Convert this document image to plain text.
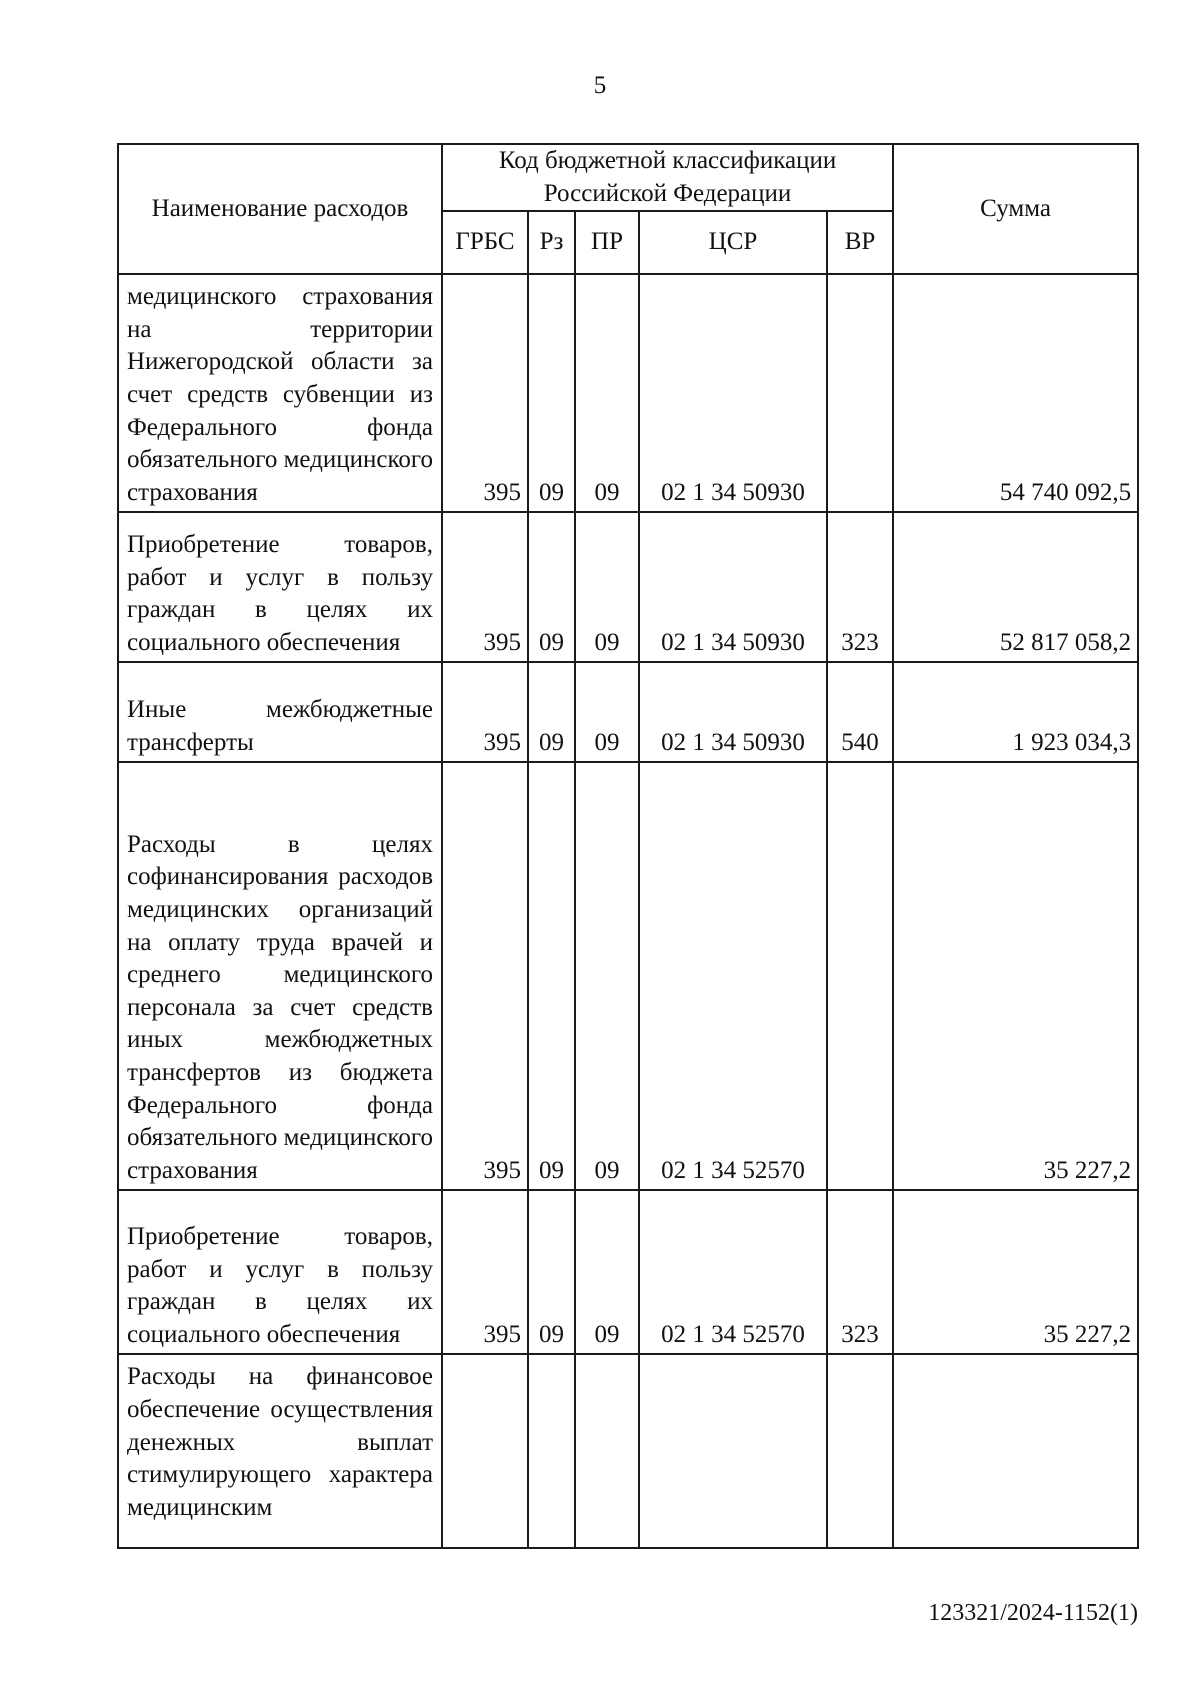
5
Наименование расходов	Код бюджетной классификации Российской Федерации					Сумма
	ГРБС	Рз	ПР	ЦСР	ВР	
медицинского страхования на территории Нижегородской области за счет средств субвенции из Федерального фонда обязательного медицинского страхования	395	09	09	02 1 34 50930		54 740 092,5
Приобретение товаров, работ и услуг в пользу граждан в целях их социального обеспечения	395	09	09	02 1 34 50930	323	52 817 058,2
Иные межбюджетные трансферты	395	09	09	02 1 34 50930	540	1 923 034,3
Расходы в целях софинансирования расходов медицинских организаций на оплату труда врачей и среднего медицинского персонала за счет средств иных межбюджетных трансфертов из бюджета Федерального фонда обязательного медицинского страхования	395	09	09	02 1 34 52570		35 227,2
Приобретение товаров, работ и услуг в пользу граждан в целях их социального обеспечения	395	09	09	02 1 34 52570	323	35 227,2
Расходы на финансовое обеспечение осуществления денежных выплат стимулирующего характера медицинским						
123321/2024-1152(1)
